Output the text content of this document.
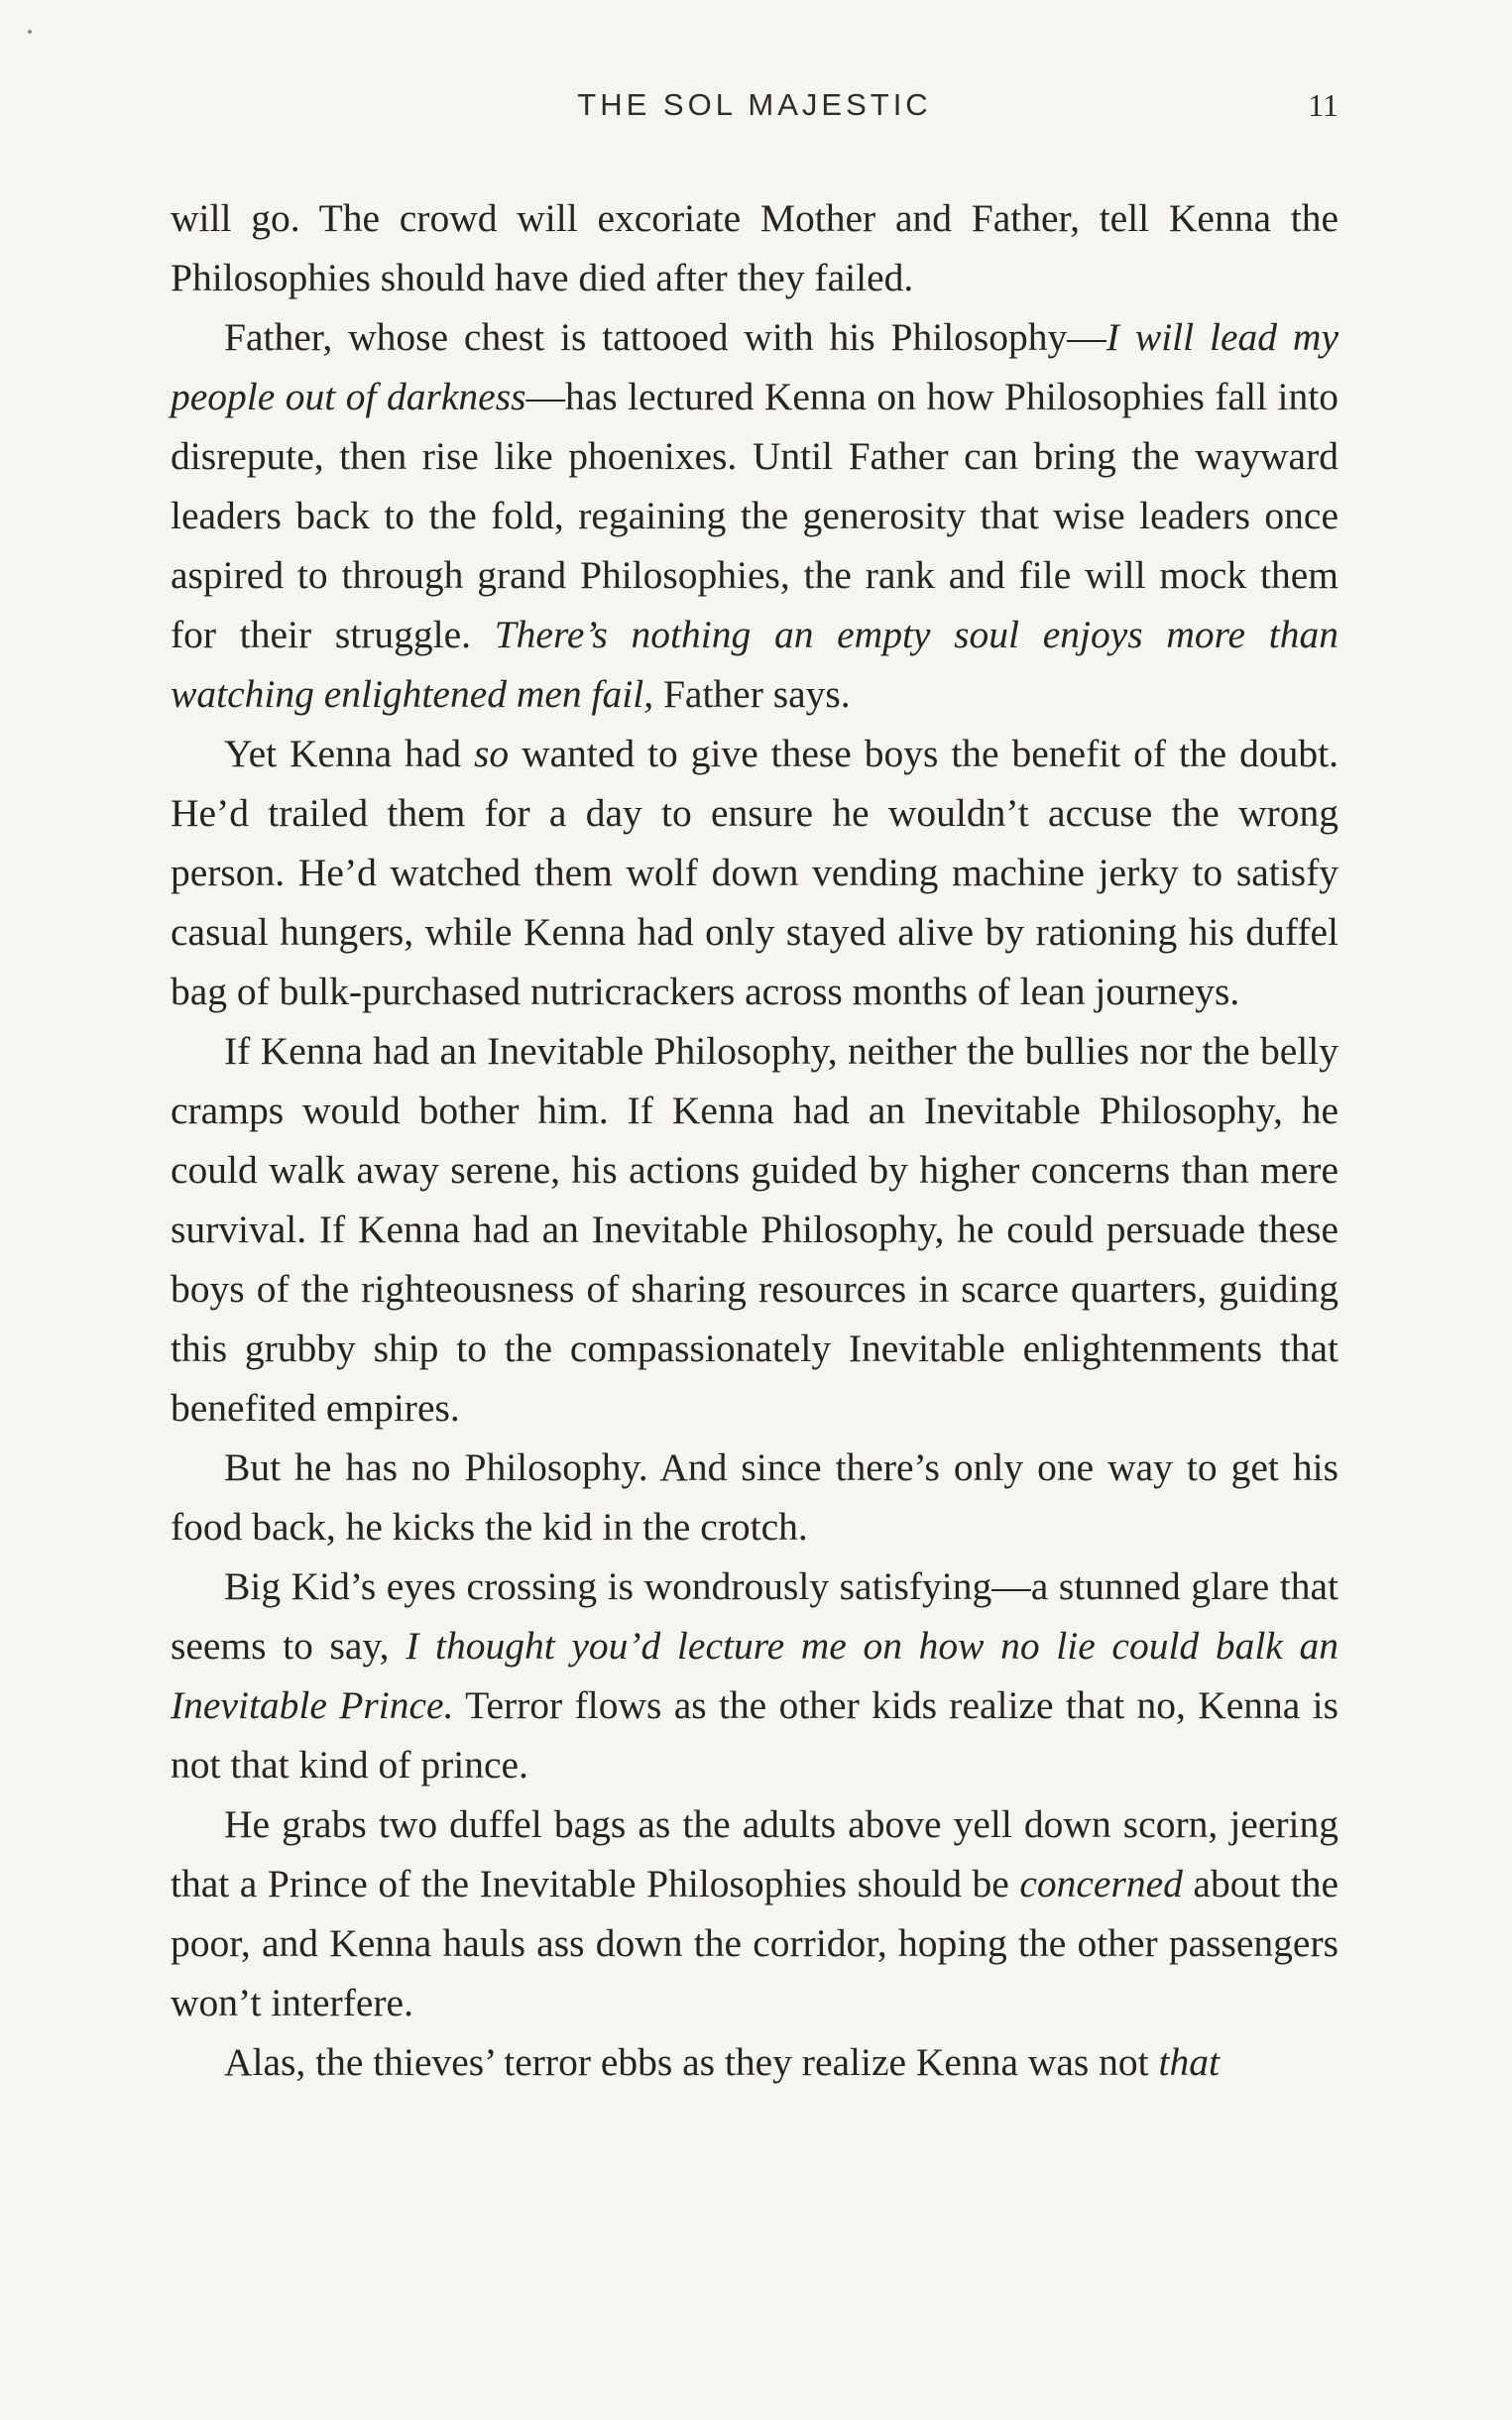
THE SOL MAJESTIC	11

will go. The crowd will excoriate Mother and Father, tell Kenna the Philosophies should have died after they failed.

Father, whose chest is tattooed with his Philosophy—I will lead my people out of darkness—has lectured Kenna on how Philosophies fall into disrepute, then rise like phoenixes. Until Father can bring the wayward leaders back to the fold, regaining the generosity that wise leaders once aspired to through grand Philosophies, the rank and file will mock them for their struggle. There’s nothing an empty soul enjoys more than watching enlightened men fail, Father says.

Yet Kenna had so wanted to give these boys the benefit of the doubt. He’d trailed them for a day to ensure he wouldn’t accuse the wrong person. He’d watched them wolf down vending machine jerky to satisfy casual hungers, while Kenna had only stayed alive by rationing his duffel bag of bulk-purchased nutricrackers across months of lean journeys.

If Kenna had an Inevitable Philosophy, neither the bullies nor the belly cramps would bother him. If Kenna had an Inevitable Philosophy, he could walk away serene, his actions guided by higher concerns than mere survival. If Kenna had an Inevitable Philosophy, he could persuade these boys of the righteousness of sharing resources in scarce quarters, guiding this grubby ship to the compassionately Inevitable enlightenments that benefited empires.

But he has no Philosophy. And since there’s only one way to get his food back, he kicks the kid in the crotch.

Big Kid’s eyes crossing is wondrously satisfying—a stunned glare that seems to say, I thought you’d lecture me on how no lie could balk an Inevitable Prince. Terror flows as the other kids realize that no, Kenna is not that kind of prince.

He grabs two duffel bags as the adults above yell down scorn, jeering that a Prince of the Inevitable Philosophies should be concerned about the poor, and Kenna hauls ass down the corridor, hoping the other passengers won’t interfere.

Alas, the thieves’ terror ebbs as they realize Kenna was not that
